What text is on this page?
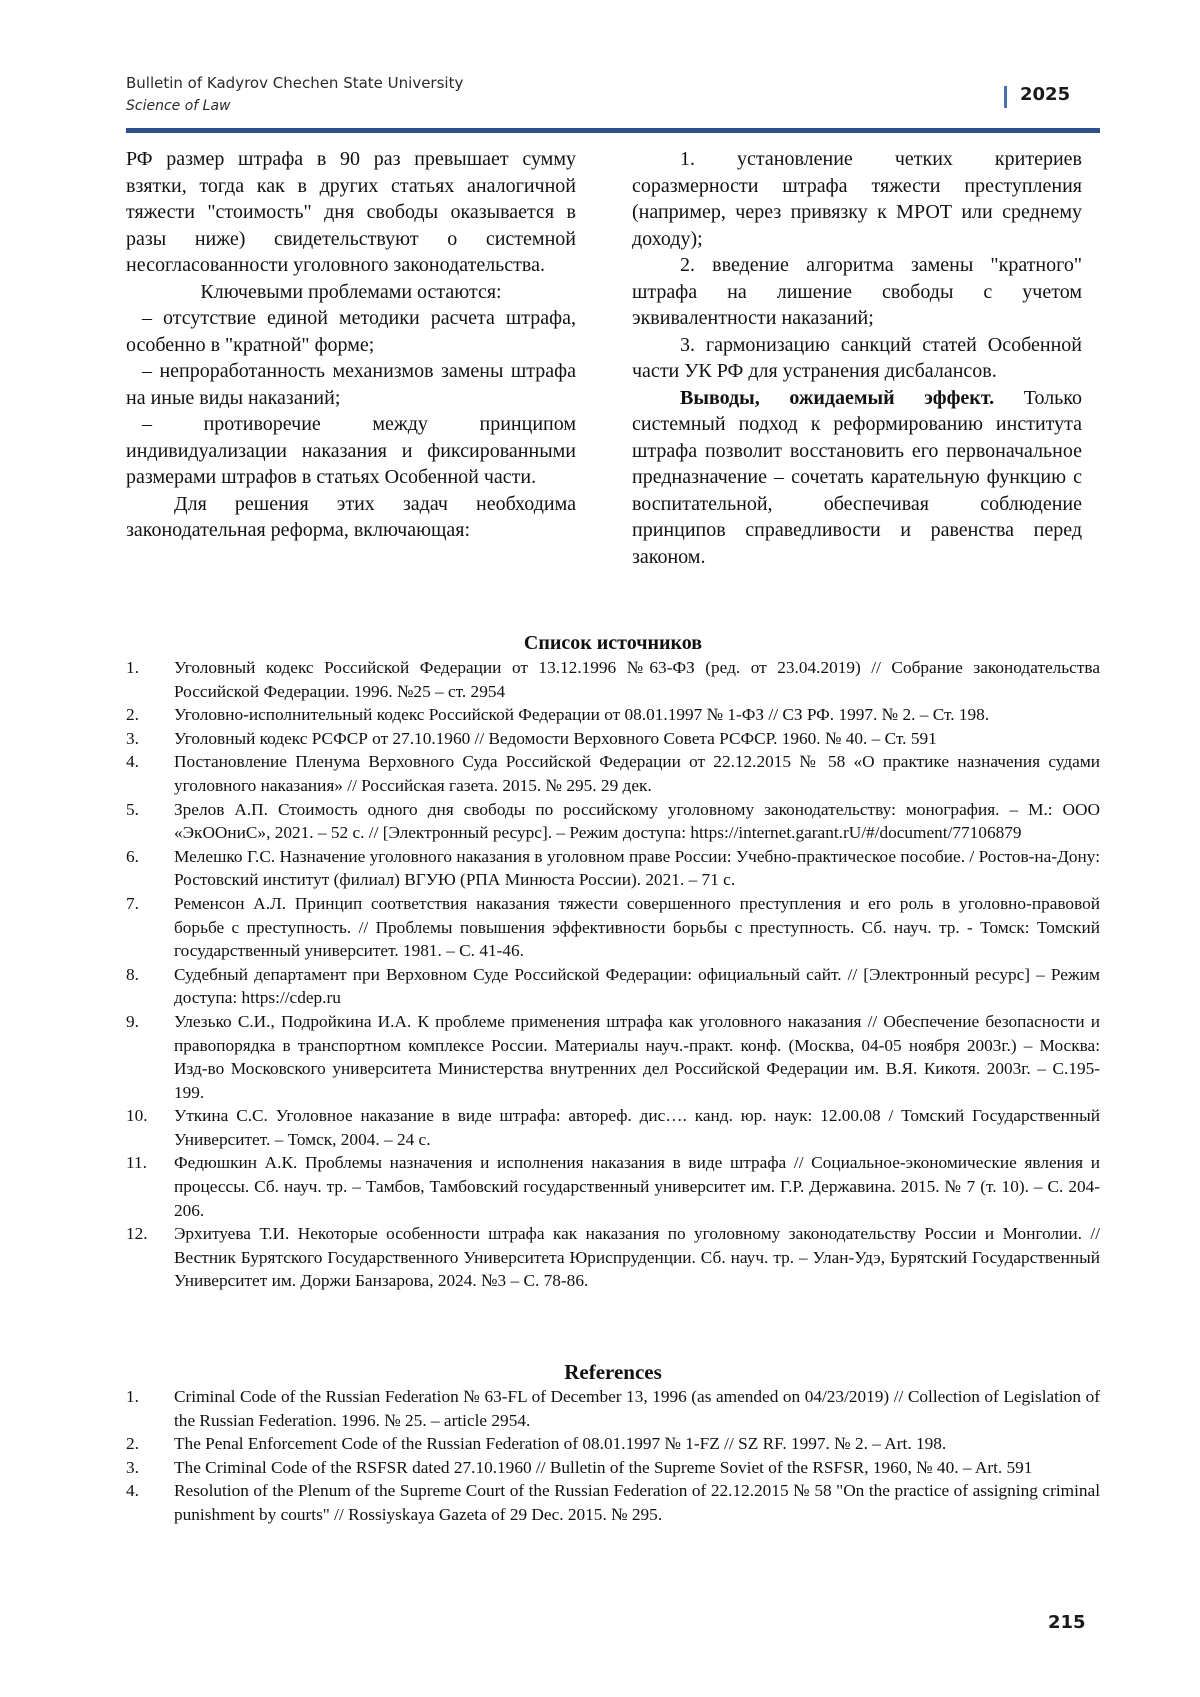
Bulletin of Kadyrov Chechen State University
Science of Law
2025

РФ размер штрафа в 90 раз превышает сумму взятки, тогда как в других статьях аналогичной тяжести "стоимость" дня свободы оказывается в разы ниже) свидетельствуют о системной несогласованности уголовного законодательства.

Ключевыми проблемами остаются:

– отсутствие единой методики расчета штрафа, особенно в "кратной" форме;

– непроработанность механизмов замены штрафа на иные виды наказаний;

– противоречие между принципом индивидуализации наказания и фиксированными размерами штрафов в статьях Особенной части.

Для решения этих задач необходима законодательная реформа, включающая:

1. установление четких критериев соразмерности штрафа тяжести преступления (например, через привязку к МРОТ или среднему доходу);

2. введение алгоритма замены "кратного" штрафа на лишение свободы с учетом эквивалентности наказаний;

3. гармонизацию санкций статей Особенной части УК РФ для устранения дисбалансов.

Выводы, ожидаемый эффект. Только системный подход к реформированию института штрафа позволит восстановить его первоначальное предназначение – сочетать карательную функцию с воспитательной, обеспечивая соблюдение принципов справедливости и равенства перед законом.

Список источников
1. Уголовный кодекс Российской Федерации от 13.12.1996 №63-ФЗ (ред. от 23.04.2019) // Собрание законодательства Российской Федерации. 1996. №25 – ст. 2954
2. Уголовно-исполнительный кодекс Российской Федерации от 08.01.1997 № 1-ФЗ // СЗ РФ. 1997. № 2. – Ст. 198.
3. Уголовный кодекс РСФСР от 27.10.1960 // Ведомости Верховного Совета РСФСР. 1960. № 40. – Ст. 591
4. Постановление Пленума Верховного Суда Российской Федерации от 22.12.2015 № 58 «О практике назначения судами уголовного наказания» // Российская газета. 2015. № 295. 29 дек.
5. Зрелов А.П. Стоимость одного дня свободы по российскому уголовному законодательству: монография. – М.: ООО «ЭкООниС», 2021. – 52 с. // [Электронный ресурс]. – Режим доступа: https://internet.garant.rU/#/document/77106879
6. Мелешко Г.С. Назначение уголовного наказания в уголовном праве России: Учебно-практическое пособие. / Ростов-на-Дону: Ростовский институт (филиал) ВГУЮ (РПА Минюста России). 2021. – 71 с.
7. Ременсон А.Л. Принцип соответствия наказания тяжести совершенного преступления и его роль в уголовно-правовой борьбе с преступность. // Проблемы повышения эффективности борьбы с преступность. Сб. науч. тр. - Томск: Томский государственный университет. 1981. – С. 41-46.
8. Судебный департамент при Верховном Суде Российской Федерации: официальный сайт. // [Электронный ресурс] – Режим доступа: https://cdep.ru
9. Улезько С.И., Подройкина И.А. К проблеме применения штрафа как уголовного наказания // Обеспечение безопасности и правопорядка в транспортном комплексе России. Материалы науч.-практ. конф. (Москва, 04-05 ноября 2003г.) – Москва: Изд-во Московского университета Министерства внутренних дел Российской Федерации им. В.Я. Кикотя. 2003г. – С.195-199.
10. Уткина С.С. Уголовное наказание в виде штрафа: автореф. дис…. канд. юр. наук: 12.00.08 / Томский Государственный Университет. – Томск, 2004. – 24 с.
11. Федюшкин А.К. Проблемы назначения и исполнения наказания в виде штрафа // Социальное-экономические явления и процессы. Сб. науч. тр. – Тамбов, Тамбовский государственный университет им. Г.Р. Державина. 2015. № 7 (т. 10). – С. 204-206.
12. Эрхитуева Т.И. Некоторые особенности штрафа как наказания по уголовному законодательству России и Монголии. // Вестник Бурятского Государственного Университета Юриспруденции. Сб. науч. тр. – Улан-Удэ, Бурятский Государственный Университет им. Доржи Банзарова, 2024. №3 – С. 78-86.
References
1. Criminal Code of the Russian Federation № 63-FL of December 13, 1996 (as amended on 04/23/2019) // Collection of Legislation of the Russian Federation. 1996. № 25. – article 2954.
2. The Penal Enforcement Code of the Russian Federation of 08.01.1997 № 1-FZ // SZ RF. 1997. № 2. – Art. 198.
3. The Criminal Code of the RSFSR dated 27.10.1960 // Bulletin of the Supreme Soviet of the RSFSR, 1960, № 40. – Art. 591
4. Resolution of the Plenum of the Supreme Court of the Russian Federation of 22.12.2015 № 58 "On the practice of assigning criminal punishment by courts" // Rossiyskaya Gazeta of 29 Dec. 2015. № 295.
215
